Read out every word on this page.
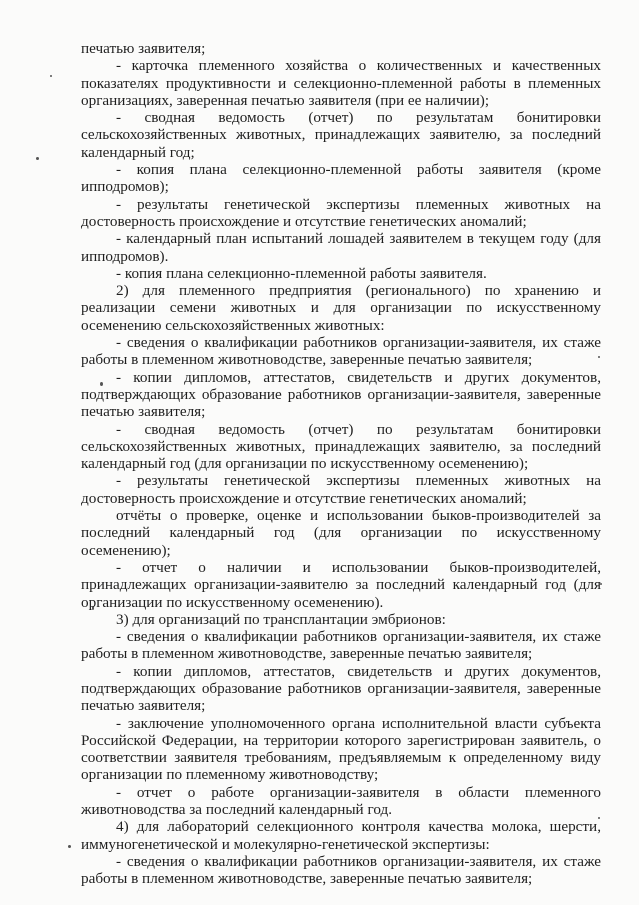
печатью заявителя;

- карточка племенного хозяйства о количественных и качественных показателях продуктивности и селекционно-племенной работы в племенных организациях, заверенная печатью заявителя (при ее наличии);

- сводная ведомость (отчет) по результатам бонитировки сельскохозяйственных животных, принадлежащих заявителю, за последний календарный год;

- копия плана селекционно-племенной работы заявителя (кроме ипподромов);

- результаты генетической экспертизы племенных животных на достоверность происхождение и отсутствие генетических аномалий;

- календарный план испытаний лошадей заявителем в текущем году (для ипподромов).

- копия плана селекционно-племенной работы заявителя.

2) для племенного предприятия (регионального) по хранению и реализации семени животных и для организации по искусственному осеменению сельскохозяйственных животных:

- сведения о квалификации работников организации-заявителя, их стаже работы в племенном животноводстве, заверенные печатью заявителя;

- копии дипломов, аттестатов, свидетельств и других документов, подтверждающих образование работников организации-заявителя, заверенные печатью заявителя;

- сводная ведомость (отчет) по результатам бонитировки сельскохозяйственных животных, принадлежащих заявителю, за последний календарный год (для организации по искусственному осеменению);

- результаты генетической экспертизы племенных животных на достоверность происхождение и отсутствие генетических аномалий;

отчёты о проверке, оценке и использовании быков-производителей за последний календарный год (для организации по искусственному осеменению);

- отчет о наличии и использовании быков-производителей, принадлежащих организации-заявителю за последний календарный год (для организации по искусственному осеменению).

3) для организаций по трансплантации эмбрионов:

- сведения о квалификации работников организации-заявителя, их стаже работы в племенном животноводстве, заверенные печатью заявителя;

- копии дипломов, аттестатов, свидетельств и других документов, подтверждающих образование работников организации-заявителя, заверенные печатью заявителя;

- заключение уполномоченного органа исполнительной власти субъекта Российской Федерации, на территории которого зарегистрирован заявитель, о соответствии заявителя требованиям, предъявляемым к определенному виду организации по племенному животноводству;

- отчет о работе организации-заявителя в области племенного животноводства за последний календарный год.

4) для лабораторий селекционного контроля качества молока, шерсти, иммуногенетической и молекулярно-генетической экспертизы:

- сведения о квалификации работников организации-заявителя, их стаже работы в племенном животноводстве, заверенные печатью заявителя;
